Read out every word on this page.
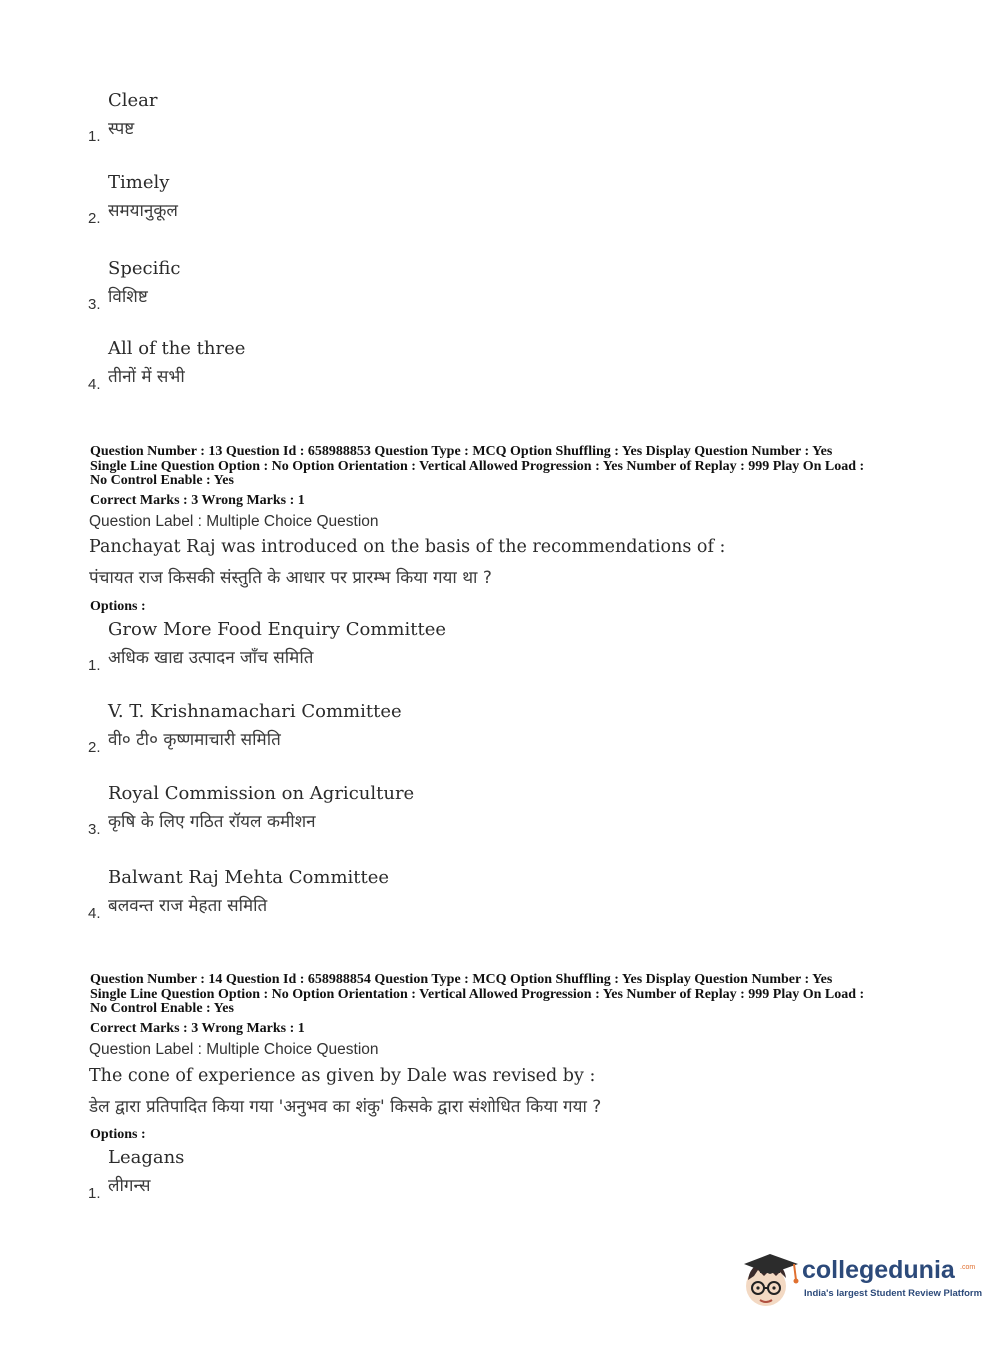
Clear
स्पष्ट
1.
Timely
समयानुकूल
2.
Specific
विशिष्ट
3.
All of the three
तीनों में सभी
4.
Question Number : 13 Question Id : 658988853 Question Type : MCQ Option Shuffling : Yes Display Question Number : Yes
Single Line Question Option : No Option Orientation : Vertical Allowed Progression : Yes Number of Replay : 999 Play On Load :
No Control Enable : Yes
Correct Marks : 3 Wrong Marks : 1
Question Label : Multiple Choice Question
Panchayat Raj was introduced on the basis of the recommendations of :
पंचायत राज किसकी संस्तुति के आधार पर प्रारम्भ किया गया था ?
Options :
Grow More Food Enquiry Committee
अधिक खाद्य उत्पादन जाँच समिति
1.
V. T. Krishnamachari Committee
वी० टी० कृष्णमाचारी समिति
2.
Royal Commission on Agriculture
कृषि के लिए गठित रॉयल कमीशन
3.
Balwant Raj Mehta Committee
बलवन्त राज मेहता समिति
4.
Question Number : 14 Question Id : 658988854 Question Type : MCQ Option Shuffling : Yes Display Question Number : Yes
Single Line Question Option : No Option Orientation : Vertical Allowed Progression : Yes Number of Replay : 999 Play On Load :
No Control Enable : Yes
Correct Marks : 3 Wrong Marks : 1
Question Label : Multiple Choice Question
The cone of experience as given by Dale was revised by :
डेल द्वारा प्रतिपादित किया गया 'अनुभव का शंकु' किसके द्वारा संशोधित किया गया ?
Options :
Leagans
लीगन्स
1.
collegedunia .com
India's largest Student Review Platform
